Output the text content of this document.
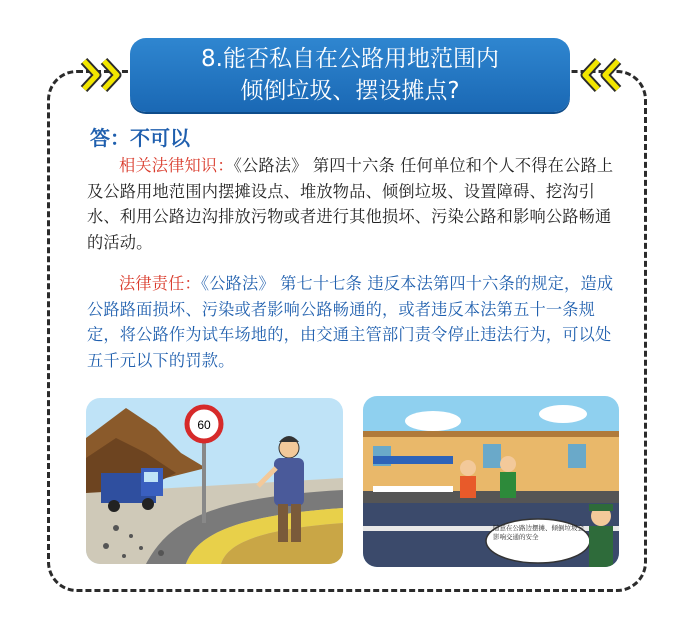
8.能否私自在公路用地范围内
倾倒垃圾、摆设摊点?
答：不可以
相关法律知识：《公路法》 第四十六条 任何单位和个人不得在公路上及公路用地范围内摆摊设点、堆放物品、倾倒垃圾、设置障碍、挖沟引水、利用公路边沟排放污物或者进行其他损坏、污染公路和影响公路畅通的活动。
法律责任：《公路法》 第七十七条 违反本法第四十六条的规定，造成公路路面损坏、污染或者影响公路畅通的，或者违反本法第五十一条规定，将公路作为试车场地的，由交通主管部门责令停止违法行为，可以处五千元以下的罚款。
60
随意在公路边摆摊、倾倒垃圾会影响交通的安全
